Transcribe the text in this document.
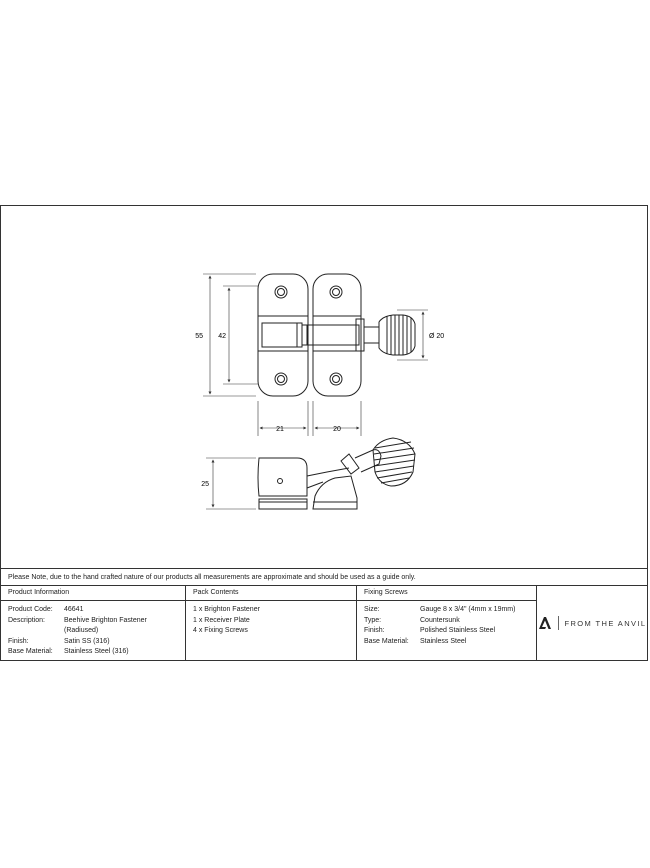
55 42	Ø 20
21	20
25
Please Note, due to the hand crafted nature of our products all measurements are approximate and should be used as a guide only.
Product Information
Product Code:	46641
Description:	Beehive Brighton Fastener
(Radiused)
Finish:	Satin SS (316)
Base Material:	Stainless Steel (316)
Pack Contents
1 x Brighton Fastener
1 x Receiver Plate
4 x Fixing Screws
Fixing Screws
Size:	Gauge 8 x 3/4" (4mm x 19mm)
Type:	Countersunk
Finish:	Polished Stainless Steel
Base Material:	Stainless Steel
FROM THE ANVIL
